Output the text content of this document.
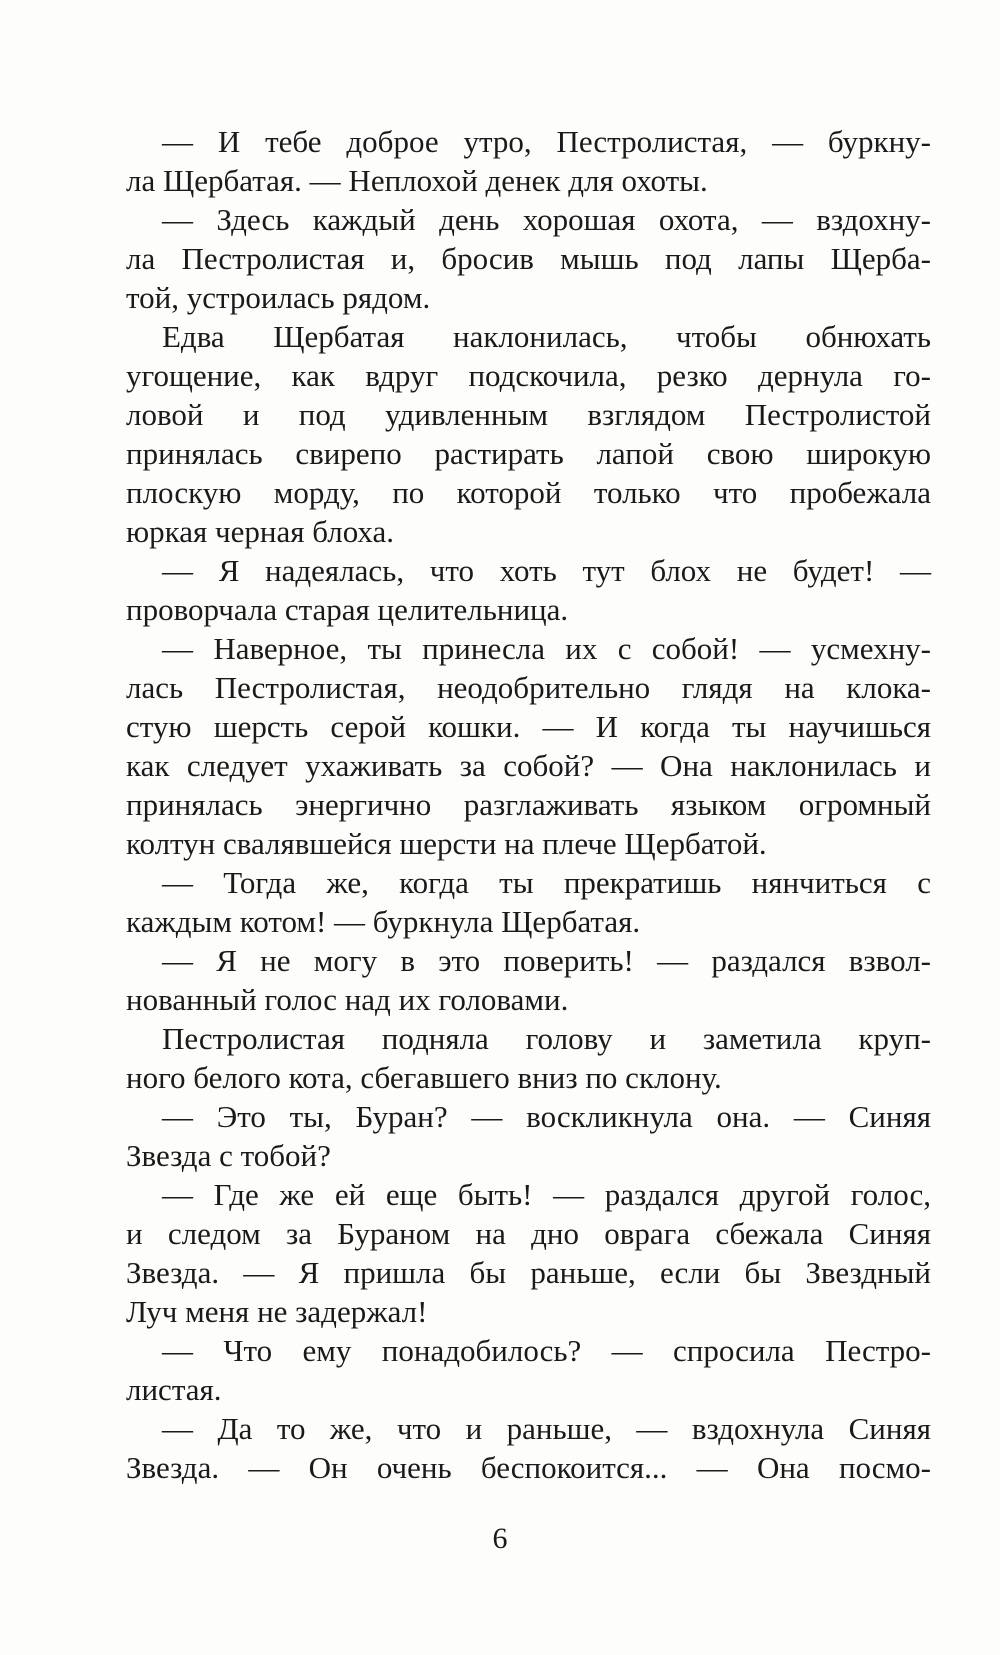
— И тебе доброе утро, Пестролистая, — буркну-
ла Щербатая. — Неплохой денек для охоты.
— Здесь каждый день хорошая охота, — вздохну-
ла Пестролистая и, бросив мышь под лапы Щерба-
той, устроилась рядом.
Едва Щербатая наклонилась, чтобы обнюхать
угощение, как вдруг подскочила, резко дернула го-
ловой и под удивленным взглядом Пестролистой
принялась свирепо растирать лапой свою широкую
плоскую морду, по которой только что пробежала
юркая черная блоха.
— Я надеялась, что хоть тут блох не будет! —
проворчала старая целительница.
— Наверное, ты принесла их с собой! — усмехну-
лась Пестролистая, неодобрительно глядя на клока-
стую шерсть серой кошки. — И когда ты научишься
как следует ухаживать за собой? — Она наклонилась и
принялась энергично разглаживать языком огромный
колтун свалявшейся шерсти на плече Щербатой.
— Тогда же, когда ты прекратишь нянчиться с
каждым котом! — буркнула Щербатая.
— Я не могу в это поверить! — раздался взвол-
нованный голос над их головами.
Пестролистая подняла голову и заметила круп-
ного белого кота, сбегавшего вниз по склону.
— Это ты, Буран? — воскликнула она. — Синяя
Звезда с тобой?
— Где же ей еще быть! — раздался другой голос,
и следом за Бураном на дно оврага сбежала Синяя
Звезда. — Я пришла бы раньше, если бы Звездный
Луч меня не задержал!
— Что ему понадобилось? — спросила Пестро-
листая.
— Да то же, что и раньше, — вздохнула Синяя
Звезда. — Он очень беспокоится... — Она посмо-
6
